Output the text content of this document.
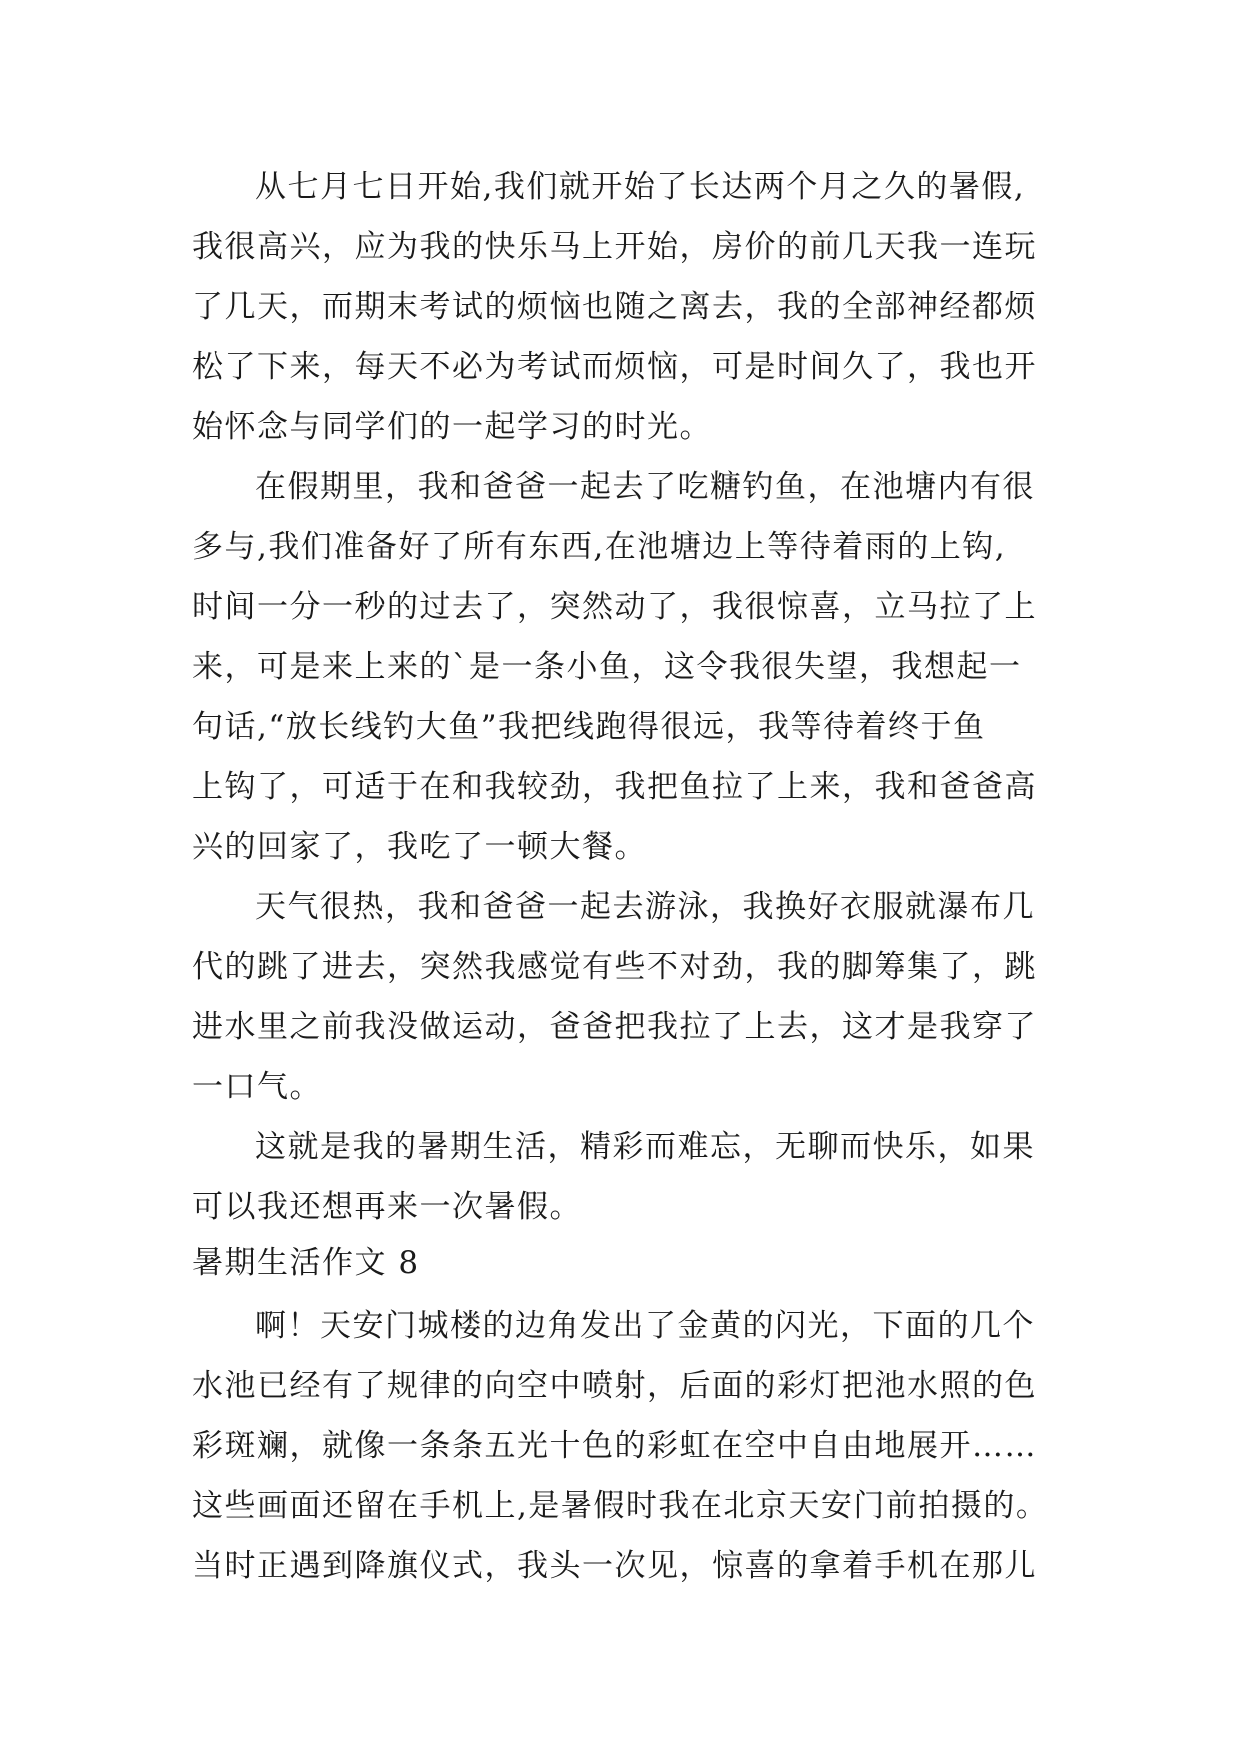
从七月七日开始,我们就开始了长达两个月之久的暑假,
我很高兴，应为我的快乐马上开始，房价的前几天我一连玩
了几天，而期末考试的烦恼也随之离去，我的全部神经都烦
松了下来，每天不必为考试而烦恼，可是时间久了，我也开
始怀念与同学们的一起学习的时光。
在假期里，我和爸爸一起去了吃糖钓鱼，在池塘内有很
多与,我们准备好了所有东西,在池塘边上等待着雨的上钩,
时间一分一秒的过去了，突然动了，我很惊喜，立马拉了上
来，可是来上来的`是一条小鱼，这令我很失望，我想起一
句话,“放长线钓大鱼”我把线跑得很远，我等待着终于鱼
上钩了，可适于在和我较劲，我把鱼拉了上来，我和爸爸高
兴的回家了，我吃了一顿大餐。
天气很热，我和爸爸一起去游泳，我换好衣服就瀑布几
代的跳了进去，突然我感觉有些不对劲，我的脚筹集了，跳
进水里之前我没做运动，爸爸把我拉了上去，这才是我穿了
一口气。
这就是我的暑期生活，精彩而难忘，无聊而快乐，如果
可以我还想再来一次暑假。
暑期生活作文 8
啊！天安门城楼的边角发出了金黄的闪光，下面的几个
水池已经有了规律的向空中喷射，后面的彩灯把池水照的色
彩斑斓，就像一条条五光十色的彩虹在空中自由地展开……
这些画面还留在手机上,是暑假时我在北京天安门前拍摄的。
当时正遇到降旗仪式，我头一次见，惊喜的拿着手机在那儿
